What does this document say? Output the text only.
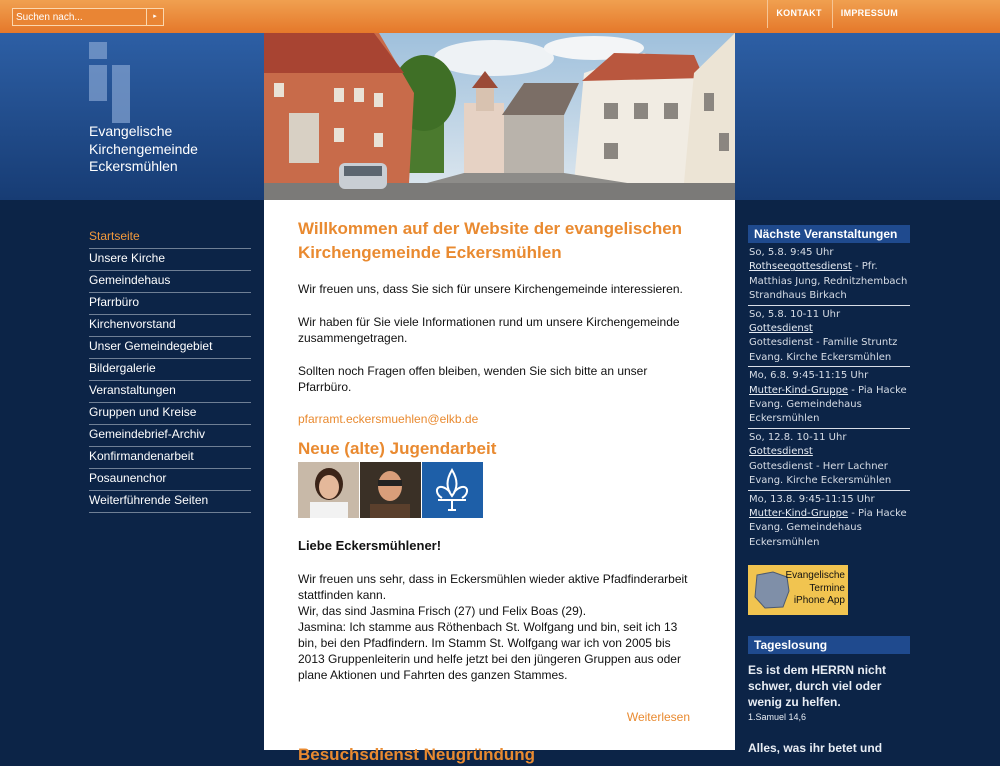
Suchen nach...
▸	KONTAKT	IMPRESSUM
Evangelische
Kirchengemeinde
Eckersmühlen
Startseite
Unsere Kirche
Gemeindehaus
Pfarrbüro
Kirchenvorstand
Unser Gemeindegebiet
Bildergalerie
Veranstaltungen
Gruppen und Kreise
Gemeindebrief-Archiv
Konfirmandenarbeit
Posaunenchor
Weiterführende Seiten
Willkommen auf der Website der evangelischen Kirchengemeinde Eckersmühlen

Wir freuen uns, dass Sie sich für unsere Kirchengemeinde interessieren.

Wir haben für Sie viele Informationen rund um unsere Kirchengemeinde zusammengetragen.

Sollten noch Fragen offen bleiben, wenden Sie sich bitte an unser Pfarrbüro.

pfarramt.eckersmuehlen@elkb.de
Neue (alte) Jugendarbeit

Liebe Eckersmühlener!

Wir freuen uns sehr, dass in Eckersmühlen wieder aktive Pfadfinderarbeit stattfinden kann.

Wir, das sind Jasmina Frisch (27) und Felix Boas (29).

Jasmina: Ich stamme aus Röthenbach St. Wolfgang und bin, seit ich 13 bin, bei den Pfadfindern. Im Stamm St. Wolfgang war ich von 2005 bis 2013 Gruppenleiterin und helfe jetzt bei den jüngeren Gruppen aus oder plane Aktionen und Fahrten des ganzen Stammes.

Weiterlesen
Besuchsdienst Neugründung
Nächste Veranstaltungen
So, 5.8. 9:45 Uhr
Rothseegottesdienst - Pfr. Matthias Jung, Rednitzhembach Strandhaus Birkach
So, 5.8. 10-11 Uhr
Gottesdienst
Gottesdienst - Familie Struntz Evang. Kirche Eckersmühlen
Mo, 6.8. 9:45-11:15 Uhr
Mutter-Kind-Gruppe - Pia Hacke Evang. Gemeindehaus Eckersmühlen
So, 12.8. 10-11 Uhr
Gottesdienst
Gottesdienst - Herr Lachner Evang. Kirche Eckersmühlen
Mo, 13.8. 9:45-11:15 Uhr
Mutter-Kind-Gruppe - Pia Hacke Evang. Gemeindehaus Eckersmühlen
Evangelische
Termine
iPhone App
Tageslosung
Es ist dem HERRN nicht schwer, durch viel oder wenig zu helfen.
1.Samuel 14,6
Alles, was ihr betet und
